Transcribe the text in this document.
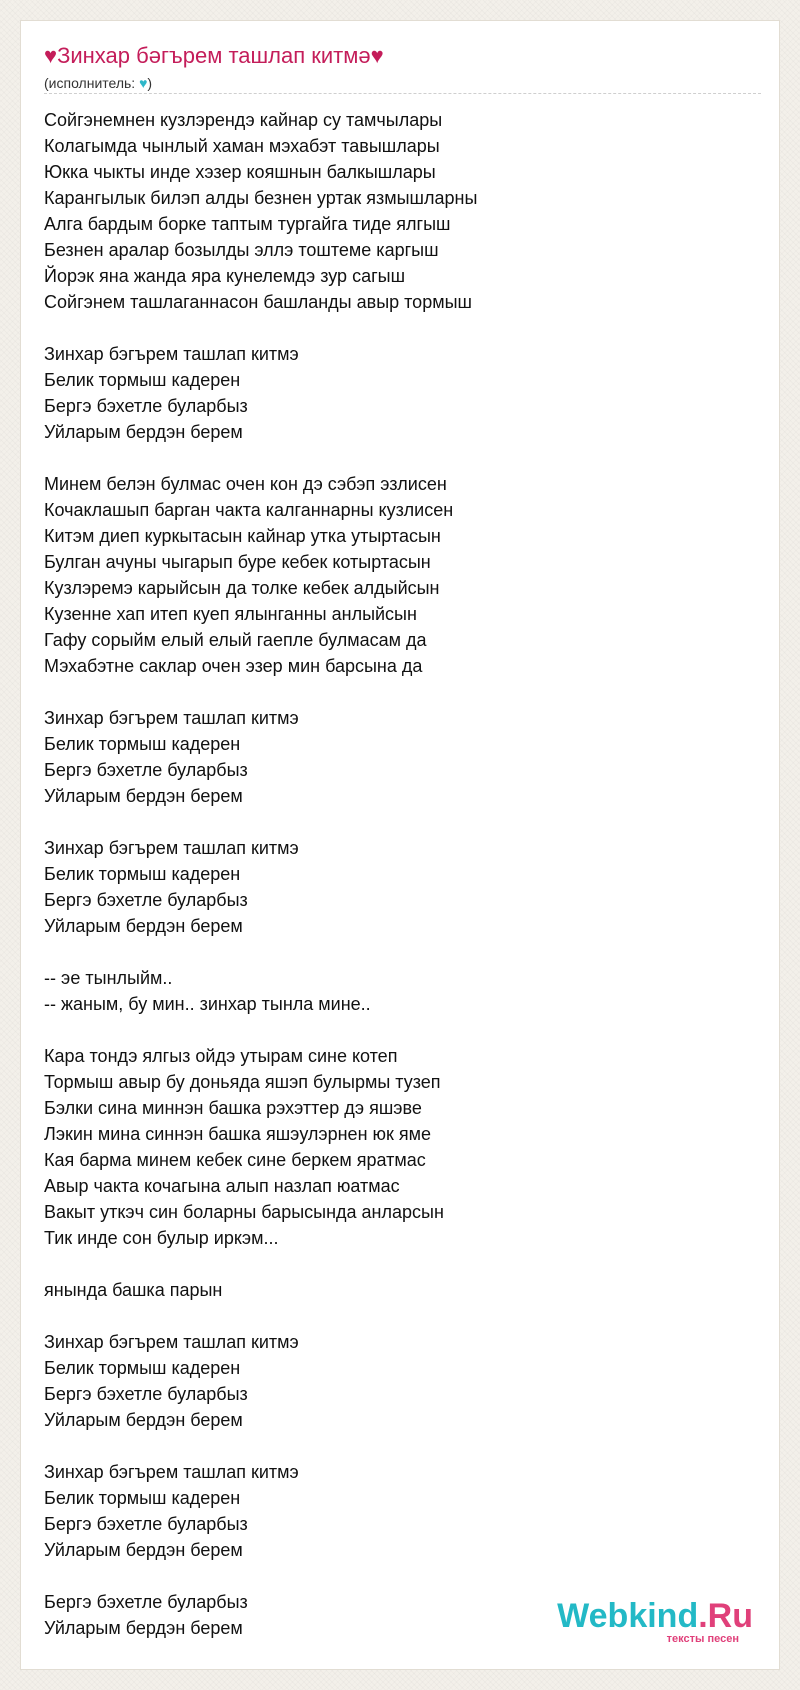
♥Зинхар бәгърем ташлап китмә♥
(исполнитель: ♥)
Сойгэнемнен кузлэрендэ кайнар су тамчылары
Колагымда чынлый хаман мэхабэт тавышлары
Юкка чыкты инде хэзер кояшнын балкышлары
Карангылык билэп алды безнен уртак язмышларны
Алга бардым борке таптым тургайга тиде ялгыш
Безнен аралар бозылды эллэ тоштеме каргыш
Йорэк яна жанда яра кунелемдэ зур сагыш
Сойгэнем ташлаганнасон башланды авыр тормыш
Зинхар бэгърем ташлап китмэ
Белик тормыш кадерен
Бергэ бэхетле буларбыз
Уйларым бердэн берем
Минем белэн булмас очен кон дэ сэбэп эзлисен
Кочаклашып барган чакта калганнарны кузлисен
Китэм диеп куркытасын кайнар утка утыртасын
Булган ачуны чыгарып буре кебек котыртасын
Кузлэремэ карыйсын да толке кебек алдыйсын
Кузенне хап итеп куеп ялынганны анлыйсын
Гафу сорыйм елый елый гаепле булмасам да
Мэхабэтне саклар очен эзер мин барсына да
Зинхар бэгърем ташлап китмэ
Белик тормыш кадерен
Бергэ бэхетле буларбыз
Уйларым бердэн берем
Зинхар бэгърем ташлап китмэ
Белик тормыш кадерен
Бергэ бэхетле буларбыз
Уйларым бердэн берем
-- эе тынлыйм..
-- жаным, бу мин.. зинхар тынла мине..
Кара тондэ ялгыз ойдэ утырам сине котеп
Тормыш авыр бу доньяда яшэп булырмы тузеп
Бэлки сина миннэн башка рэхэттер дэ яшэве
Лэкин мина синнэн башка яшэулэрнен юк яме
Кая барма минем кебек сине беркем яратмас
Авыр чакта кочагына алып назлап юатмас
Вакыт уткэч син боларны барысында анларсын
Тик инде сон булыр иркэм...
янында башка парын
Зинхар бэгърем ташлап китмэ
Белик тормыш кадерен
Бергэ бэхетле буларбыз
Уйларым бердэн берем
Зинхар бэгърем ташлап китмэ
Белик тормыш кадерен
Бергэ бэхетле буларбыз
Уйларым бердэн берем
Бергэ бэхетле буларбыз
Уйларым бердэн берем	Webkind.Ru
тексты песен
